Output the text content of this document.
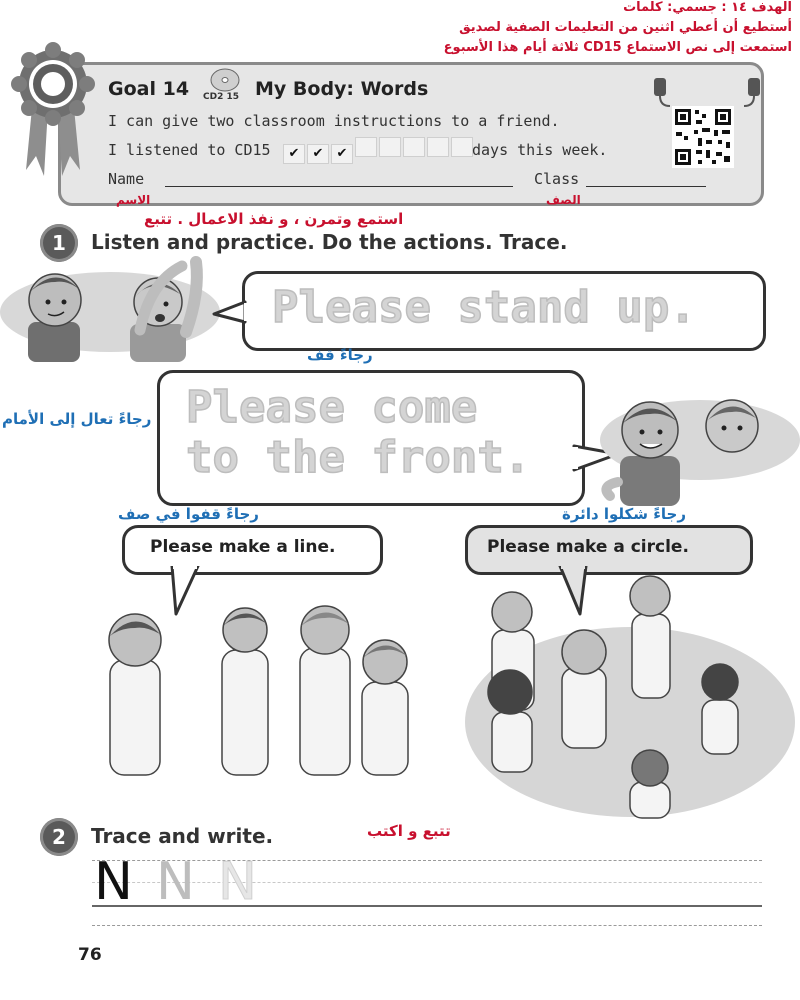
الهدف ١٤ : جسمي: كلمات
أستطيع أن أعطي اثنين من التعليمات الصفية لصديق
استمعت إلى نص الاستماع CD15 ثلاثة أيام هذا الأسبوع
Goal 14 CD2 15 My Body: Words
I can give two classroom instructions to a friend.
I listened to CD15	✔ ✔ ✔	days this week.
Name	Class
الاسم	الصف
استمع وتمرن ، و نفذ الاعمال . تتبع
1	Listen and practice. Do the actions. Trace.
Please stand up.
رجاءً قف
رجاءً تعال إلى الأمام Please come
to the front.
رجاءً قفوا في صف	رجاءً شكلوا دائرة
Please make a line.	Please make a circle.
2	Trace and write.	تتبع و اكتب
N N N
76
